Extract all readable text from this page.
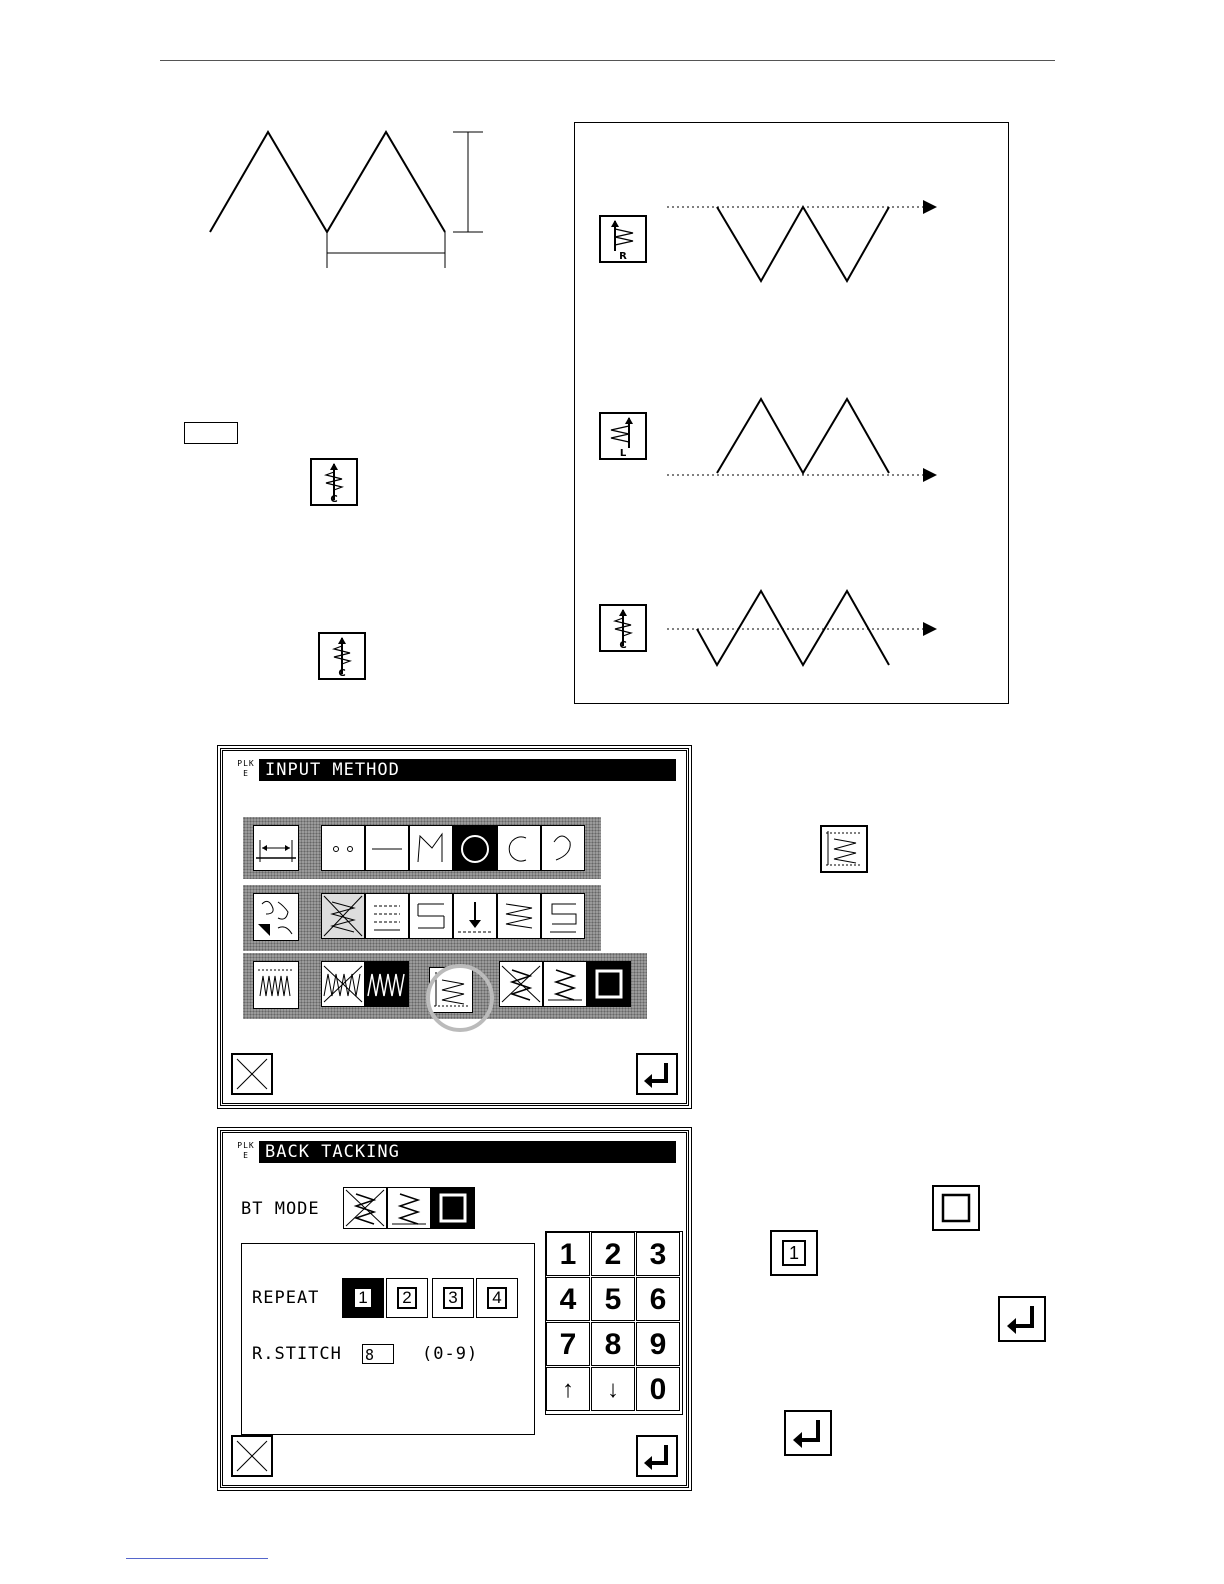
C
C
R
L
C
PLK
E INPUT METHOD
PLK
E BACK TACKING
BT MODE
REPEAT	1	2	3	4
R.STITCH 8	(0-9)
1 2 3
4 5 6
7 8 9
↑	↓	0
1
